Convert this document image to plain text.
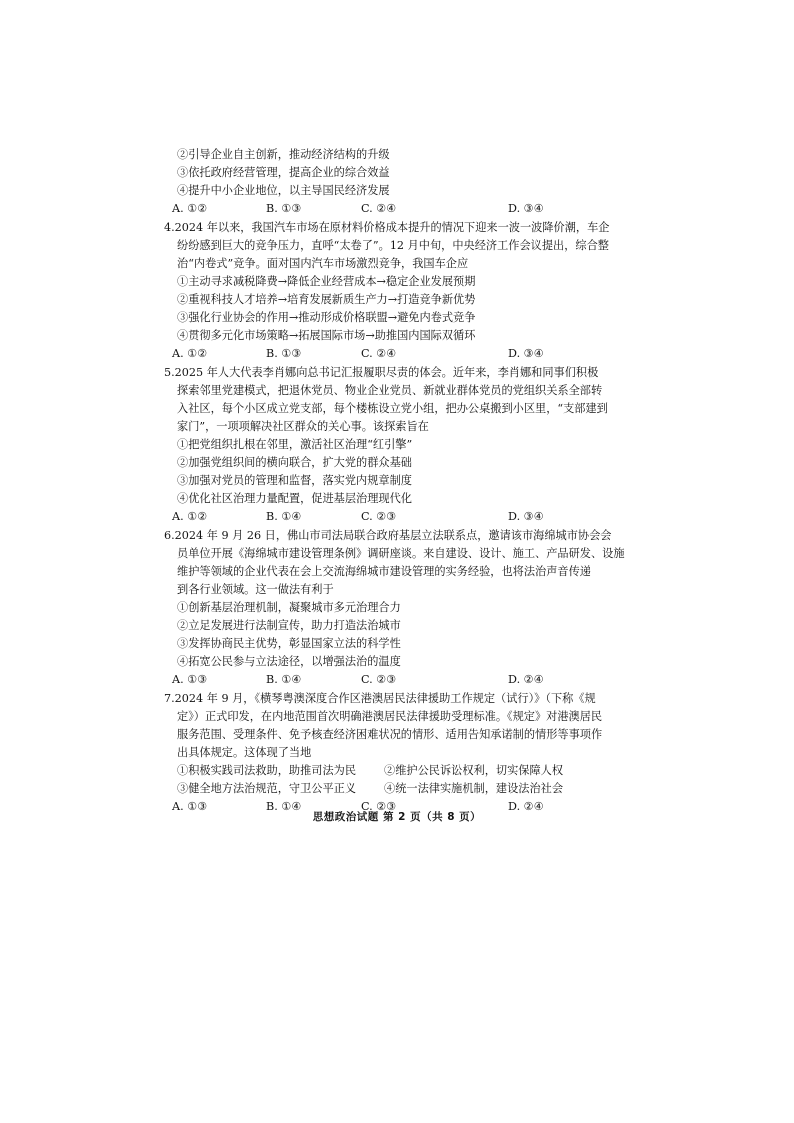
②引导企业自主创新，推动经济结构的升级
③依托政府经营管理，提高企业的综合效益
④提升中小企业地位，以主导国民经济发展
A. ①②	B. ①③	C. ②④	D. ③④
4.2024 年以来，我国汽车市场在原材料价格成本提升的情况下迎来一波一波降价潮，车企
纷纷感到巨大的竞争压力，直呼“太卷了”。12 月中旬，中央经济工作会议提出，综合整
治“内卷式”竞争。面对国内汽车市场激烈竞争，我国车企应
①主动寻求减税降费→降低企业经营成本→稳定企业发展预期
②重视科技人才培养→培育发展新质生产力→打造竞争新优势
③强化行业协会的作用→推动形成价格联盟→避免内卷式竞争
④贯彻多元化市场策略→拓展国际市场→助推国内国际双循环
A. ①②	B. ①③	C. ②④	D. ③④
5.2025 年人大代表李肖娜向总书记汇报履职尽责的体会。近年来，李肖娜和同事们积极
探索邻里党建模式，把退休党员、物业企业党员、新就业群体党员的党组织关系全部转
入社区，每个小区成立党支部，每个楼栋设立党小组，把办公桌搬到小区里，“支部建到
家门”，一项项解决社区群众的关心事。该探索旨在
①把党组织扎根在邻里，激活社区治理“红引擎”
②加强党组织间的横向联合，扩大党的群众基础
③加强对党员的管理和监督，落实党内规章制度
④优化社区治理力量配置，促进基层治理现代化
A. ①②	B. ①④	C. ②③	D. ③④
6.2024 年 9 月 26 日，佛山市司法局联合政府基层立法联系点，邀请该市海绵城市协会会
员单位开展《海绵城市建设管理条例》调研座谈。来自建设、设计、施工、产品研发、设施
维护等领域的企业代表在会上交流海绵城市建设管理的实务经验，也将法治声音传递
到各行业领域。这一做法有利于
①创新基层治理机制，凝聚城市多元治理合力
②立足发展进行法制宣传，助力打造法治城市
③发挥协商民主优势，彰显国家立法的科学性
④拓宽公民参与立法途径，以增强法治的温度
A. ①③	B. ①④	C. ②③	D. ②④
7.2024 年 9 月，《横琴粤澳深度合作区港澳居民法律援助工作规定（试行）》（下称《规
定》）正式印发，在内地范围首次明确港澳居民法律援助受理标准。《规定》对港澳居民
服务范围、受理条件、免予核查经济困难状况的情形、适用告知承诺制的情形等事项作
出具体规定。这体现了当地
①积极实践司法救助，助推司法为民 ②维护公民诉讼权利，切实保障人权
③健全地方法治规范，守卫公平正义 ④统一法律实施机制，建设法治社会
A. ①③	B. ①④	C. ②③	D. ②④
思想政治试题 第 2 页（共 8 页）
